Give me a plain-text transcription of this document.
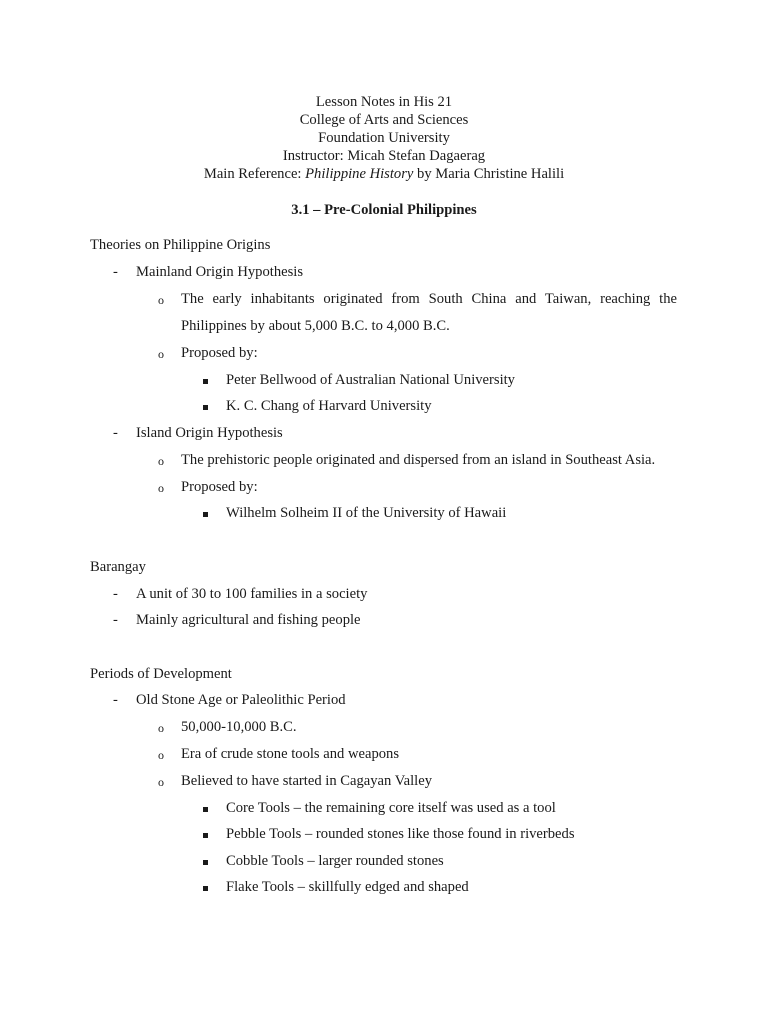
Lesson Notes in His 21
College of Arts and Sciences
Foundation University
Instructor: Micah Stefan Dagaerag
Main Reference: Philippine History by Maria Christine Halili
3.1 – Pre-Colonial Philippines
Theories on Philippine Origins
- Mainland Origin Hypothesis
o The early inhabitants originated from South China and Taiwan, reaching the
Philippines by about 5,000 B.C. to 4,000 B.C.
o Proposed by:
Peter Bellwood of Australian National University
K. C. Chang of Harvard University
- Island Origin Hypothesis
o The prehistoric people originated and dispersed from an island in Southeast Asia.
o Proposed by:
Wilhelm Solheim II of the University of Hawaii
Barangay
- A unit of 30 to 100 families in a society
- Mainly agricultural and fishing people
Periods of Development
- Old Stone Age or Paleolithic Period
o 50,000-10,000 B.C.
o Era of crude stone tools and weapons
o Believed to have started in Cagayan Valley
Core Tools – the remaining core itself was used as a tool
Pebble Tools – rounded stones like those found in riverbeds
Cobble Tools – larger rounded stones
Flake Tools – skillfully edged and shaped
